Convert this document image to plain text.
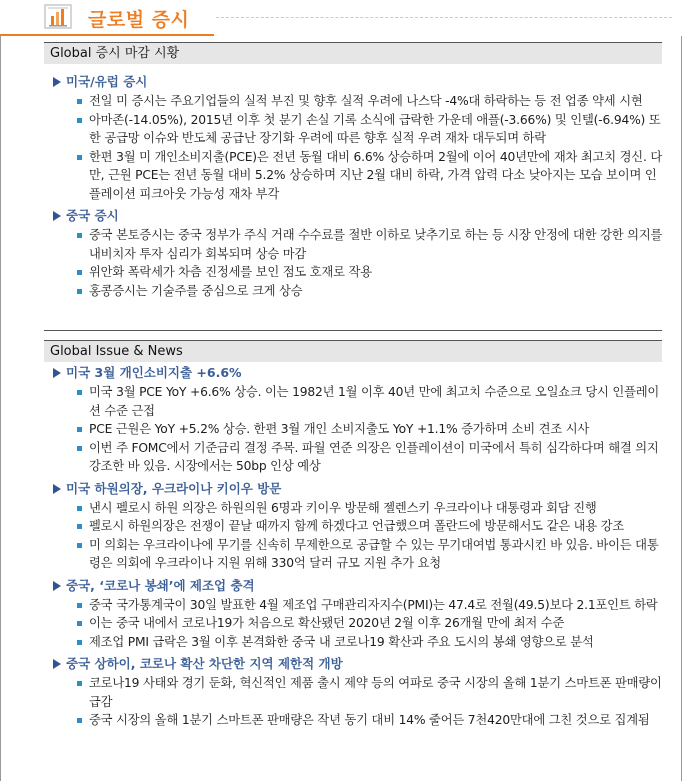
글로벌 증시
Global 증시 마감 시황
미국/유럽 증시
전일 미 증시는 주요기업들의 실적 부진 및 향후 실적 우려에 나스닥 -4%대 하락하는 등 전 업종 약세 시현
아마존(-14.05%), 2015년 이후 첫 분기 손실 기록 소식에 급락한 가운데 애플(-3.66%) 및 인텔(-6.94%) 또한 공급망 이슈와 반도체 공급난 장기화 우려에 따른 향후 실적 우려 재차 대두되며 하락
한편 3월 미 개인소비지출(PCE)은 전년 동월 대비 6.6% 상승하며 2월에 이어 40년만에 재차 최고치 경신. 다만, 근원 PCE는 전년 동월 대비 5.2% 상승하며 지난 2월 대비 하락, 가격 압력 다소 낮아지는 모습 보이며 인플레이션 피크아웃 가능성 재차 부각
중국 증시
중국 본토증시는 중국 정부가 주식 거래 수수료를 절반 이하로 낮추기로 하는 등 시장 안정에 대한 강한 의지를 내비치자 투자 심리가 회복되며 상승 마감
위안화 폭락세가 차츰 진정세를 보인 점도 호재로 작용
홍콩증시는 기술주를 중심으로 크게 상승
Global Issue & News
미국 3월 개인소비지출 +6.6%
미국 3월 PCE YoY +6.6% 상승. 이는 1982년 1월 이후 40년 만에 최고치 수준으로 오일쇼크 당시 인플레이션 수준 근접
PCE 근원은 YoY +5.2% 상승. 한편 3월 개인 소비지출도 YoY +1.1% 증가하며 소비 견조 시사
이번 주 FOMC에서 기준금리 결정 주목. 파월 연준 의장은 인플레이션이 미국에서 특히 심각하다며 해결 의지 강조한 바 있음. 시장에서는 50bp 인상 예상
미국 하원의장, 우크라이나 키이우 방문
낸시 펠로시 하원 의장은 하원의원 6명과 키이우 방문해 젤렌스키 우크라이나 대통령과 회담 진행
펠로시 하원의장은 전쟁이 끝날 때까지 함께 하겠다고 언급했으며 폴란드에 방문해서도 같은 내용 강조
미 의회는 우크라이나에 무기를 신속히 무제한으로 공급할 수 있는 무기대여법 통과시킨 바 있음. 바이든 대통령은 의회에 우크라이나 지원 위해 330억 달러 규모 지원 추가 요청
중국, ‘코로나 봉쇄’에 제조업 충격
중국 국가통계국이 30일 발표한 4월 제조업 구매관리자지수(PMI)는 47.4로 전월(49.5)보다 2.1포인트 하락
이는 중국 내에서 코로나19가 처음으로 확산됐던 2020년 2월 이후 26개월 만에 최저 수준
제조업 PMI 급락은 3월 이후 본격화한 중국 내 코로나19 확산과 주요 도시의 봉쇄 영향으로 분석
중국 상하이, 코로나 확산 차단한 지역 제한적 개방
코로나19 사태와 경기 둔화, 혁신적인 제품 출시 제약 등의 여파로 중국 시장의 올해 1분기 스마트폰 판매량이 급감
중국 시장의 올해 1분기 스마트폰 판매량은 작년 동기 대비 14% 줄어든 7천420만대에 그친 것으로 집계됨
